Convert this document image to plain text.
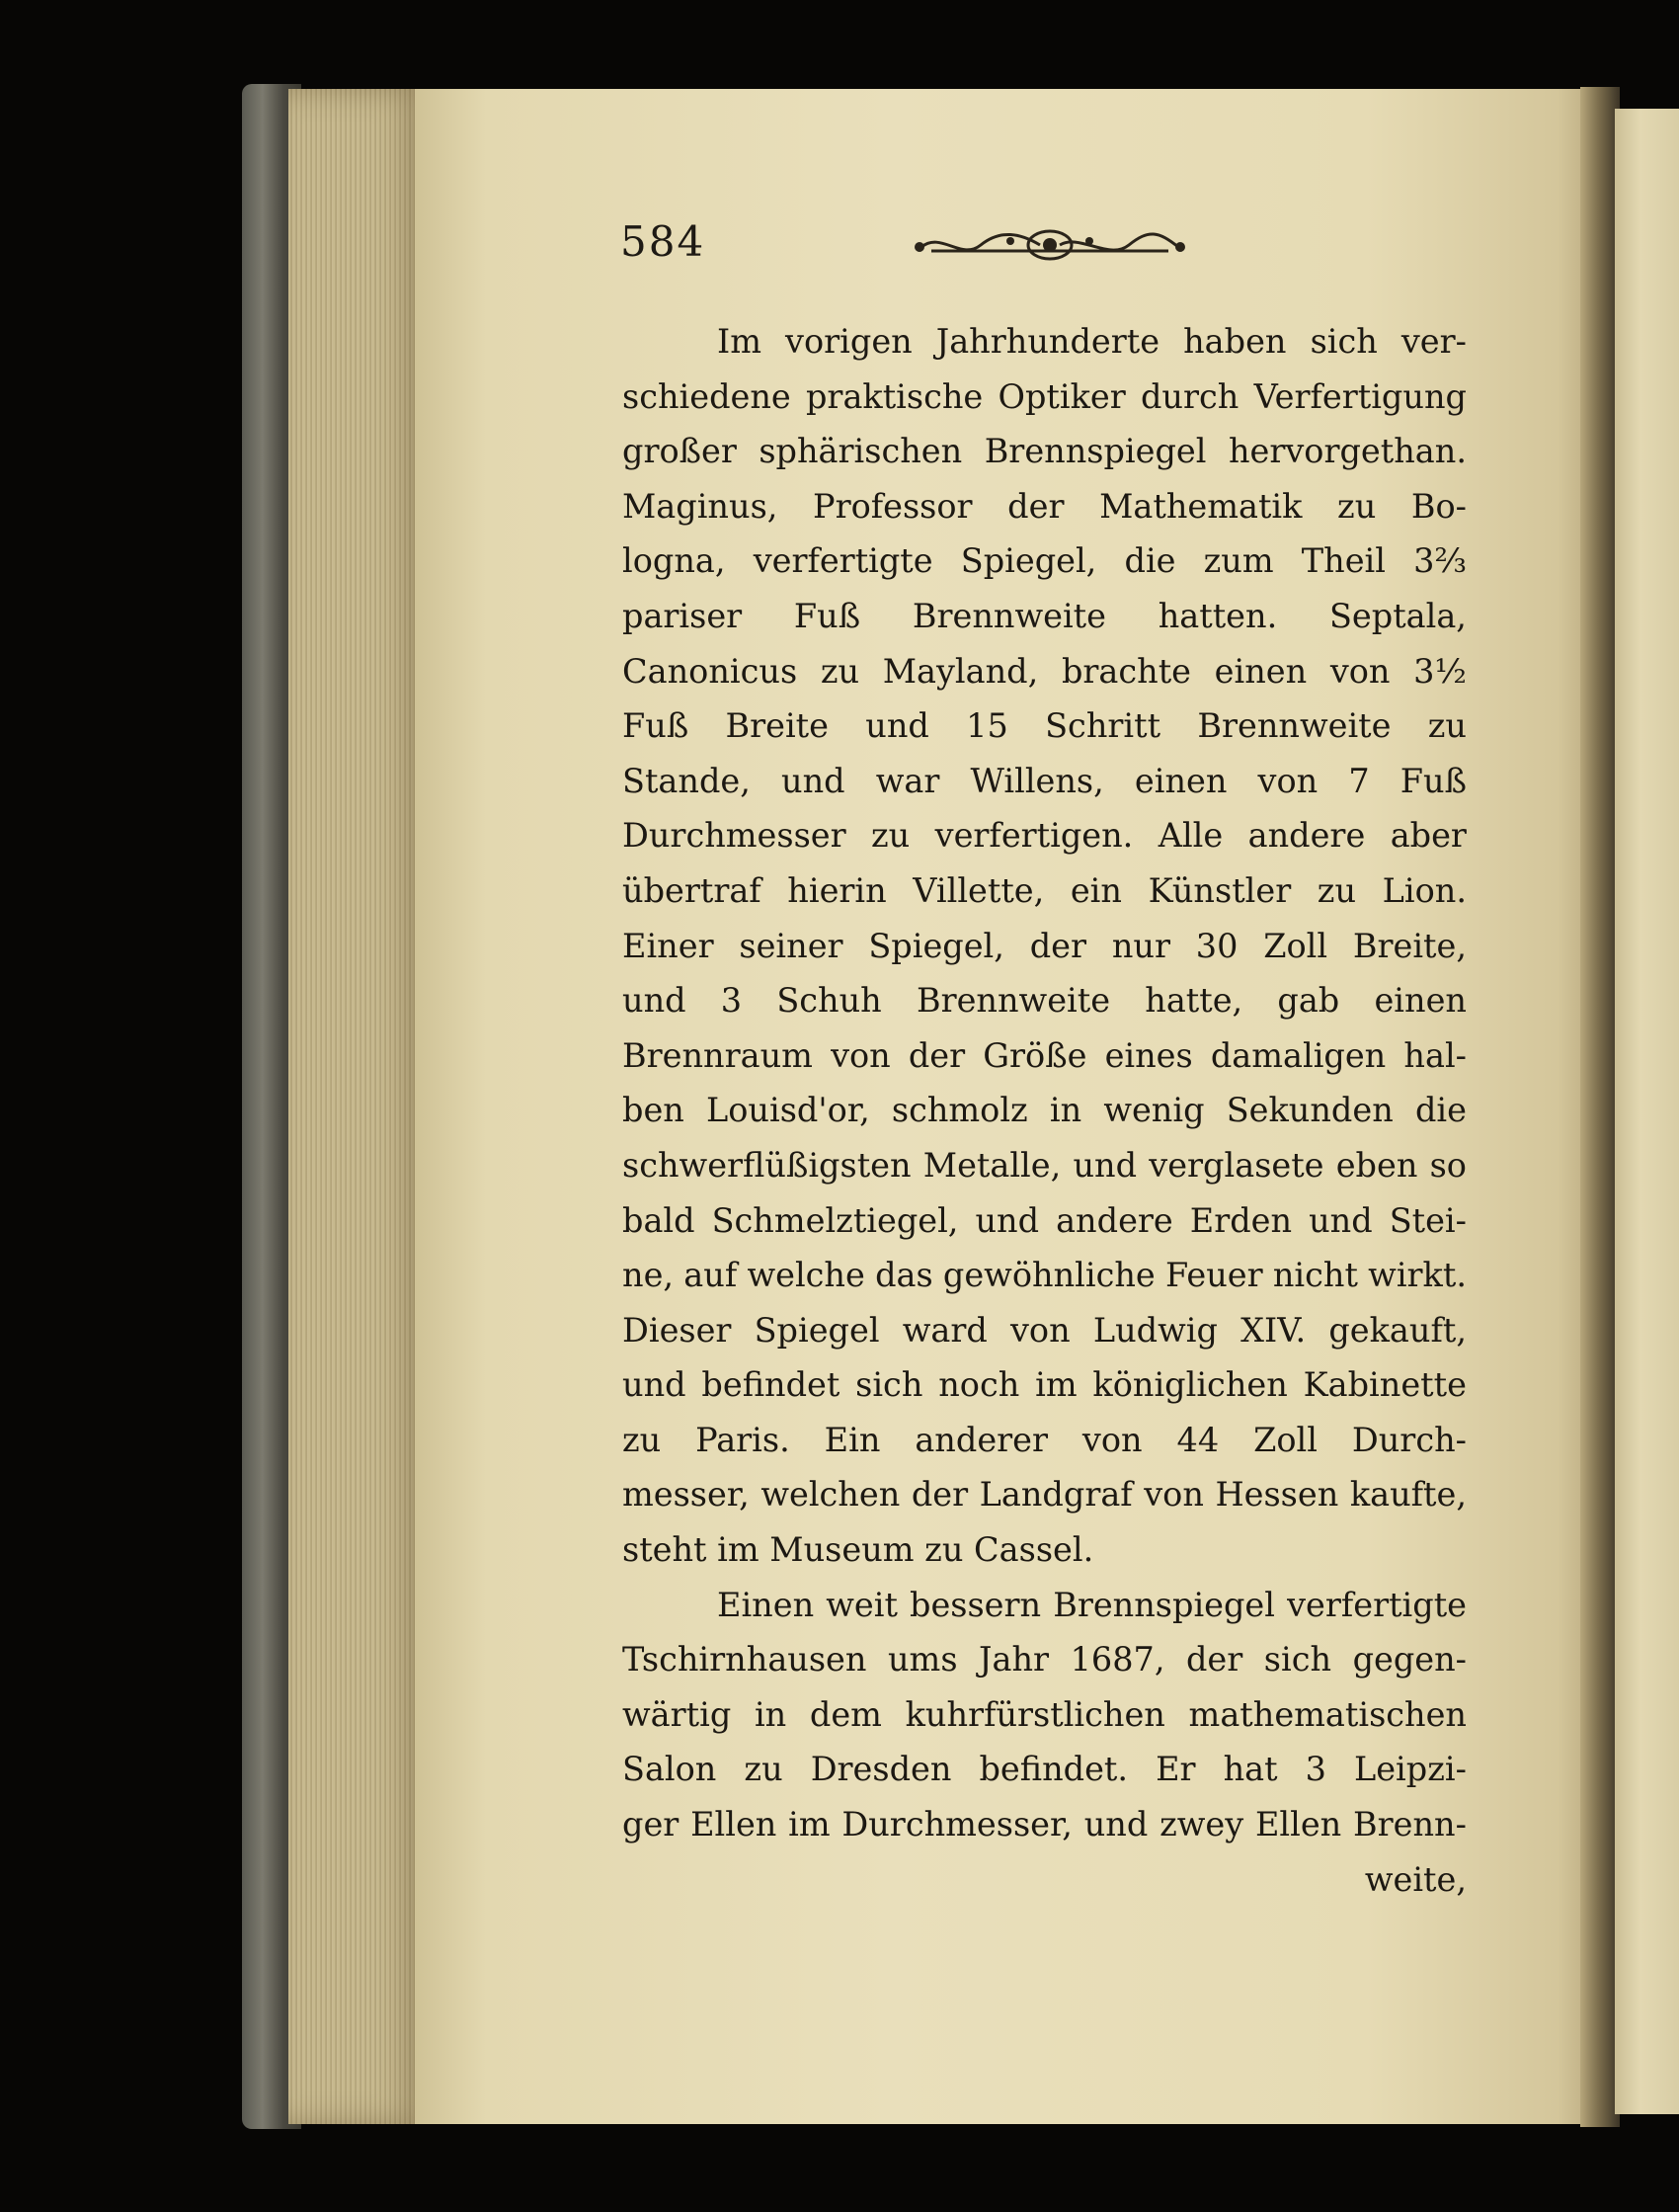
584
Im vorigen Jahrhunderte haben sich ver-
schiedene praktische Optiker durch Verfertigung
großer sphärischen Brennspiegel hervorgethan.
Maginus, Professor der Mathematik zu Bo-
logna, verfertigte Spiegel, die zum Theil 3⅔
pariser Fuß Brennweite hatten. Septala,
Canonicus zu Mayland, brachte einen von 3½
Fuß Breite und 15 Schritt Brennweite zu
Stande, und war Willens, einen von 7 Fuß
Durchmesser zu verfertigen. Alle andere aber
übertraf hierin Villette, ein Künstler zu Lion.
Einer seiner Spiegel, der nur 30 Zoll Breite,
und 3 Schuh Brennweite hatte, gab einen
Brennraum von der Größe eines damaligen hal-
ben Louisd'or, schmolz in wenig Sekunden die
schwerflüßigsten Metalle, und verglasete eben so
bald Schmelztiegel, und andere Erden und Stei-
ne, auf welche das gewöhnliche Feuer nicht wirkt.
Dieser Spiegel ward von Ludwig XIV. gekauft,
und befindet sich noch im königlichen Kabinette
zu Paris. Ein anderer von 44 Zoll Durch-
messer, welchen der Landgraf von Hessen kaufte,
steht im Museum zu Cassel.
Einen weit bessern Brennspiegel verfertigte
Tschirnhausen ums Jahr 1687, der sich gegen-
wärtig in dem kuhrfürstlichen mathematischen
Salon zu Dresden befindet. Er hat 3 Leipzi-
ger Ellen im Durchmesser, und zwey Ellen Brenn-
weite,
